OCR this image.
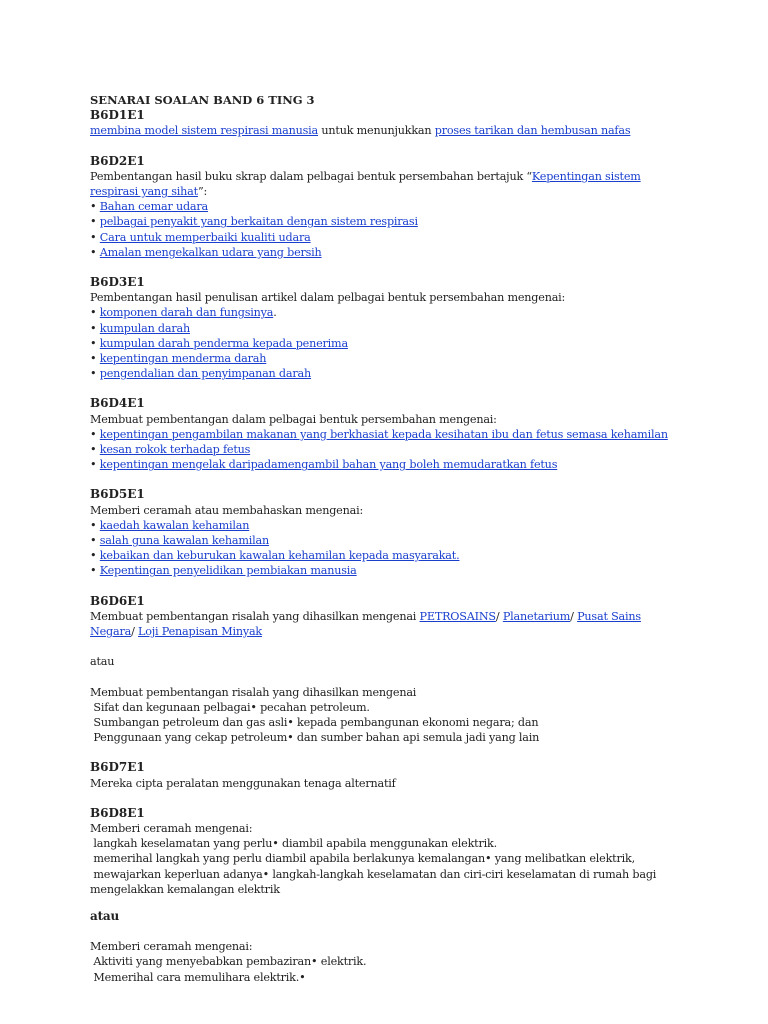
SENARAI SOALAN BAND 6 TING 3
B6D1E1
membina model sistem respirasi manusia untuk menunjukkan proses tarikan dan hembusan nafas
B6D2E1
Pembentangan hasil buku skrap dalam pelbagai bentuk persembahan bertajuk “Kepentingan sistem respirasi yang sihat”:
• Bahan cemar udara
• pelbagai penyakit yang berkaitan dengan sistem respirasi
• Cara untuk memperbaiki kualiti udara
• Amalan mengekalkan udara yang bersih
B6D3E1
Pembentangan hasil penulisan artikel dalam pelbagai bentuk persembahan mengenai:
• komponen darah dan fungsinya.
• kumpulan darah
• kumpulan darah penderma kepada penerima
• kepentingan menderma darah
• pengendalian dan penyimpanan darah
B6D4E1
Membuat pembentangan dalam pelbagai bentuk persembahan mengenai:
• kepentingan pengambilan makanan yang berkhasiat kepada kesihatan ibu dan fetus semasa kehamilan
• kesan rokok terhadap fetus
• kepentingan mengelak daripadamengambil bahan yang boleh memudaratkan fetus
B6D5E1
Memberi ceramah atau membahaskan mengenai:
• kaedah kawalan kehamilan
• salah guna kawalan kehamilan
• kebaikan dan keburukan kawalan kehamilan kepada masyarakat.
• Kepentingan penyelidikan pembiakan manusia
B6D6E1
Membuat pembentangan risalah yang dihasilkan mengenai PETROSAINS/ Planetarium/ Pusat Sains Negara/ Loji Penapisan Minyak
atau
Membuat pembentangan risalah yang dihasilkan mengenai
Sifat dan kegunaan pelbagai• pecahan petroleum.
Sumbangan petroleum dan gas asli• kepada pembangunan ekonomi negara; dan
Penggunaan yang cekap petroleum• dan sumber bahan api semula jadi yang lain
B6D7E1
Mereka cipta peralatan menggunakan tenaga alternatif
B6D8E1
Memberi ceramah mengenai:
langkah keselamatan yang perlu• diambil apabila menggunakan elektrik.
memerihal langkah yang perlu diambil apabila berlakunya kemalangan• yang melibatkan elektrik,
mewajarkan keperluan adanya• langkah-langkah keselamatan dan ciri-ciri keselamatan di rumah bagi mengelakkan kemalangan elektrik
atau
Memberi ceramah mengenai:
Aktiviti yang menyebabkan pembaziran• elektrik.
Memerihal cara memulihara elektrik.•
